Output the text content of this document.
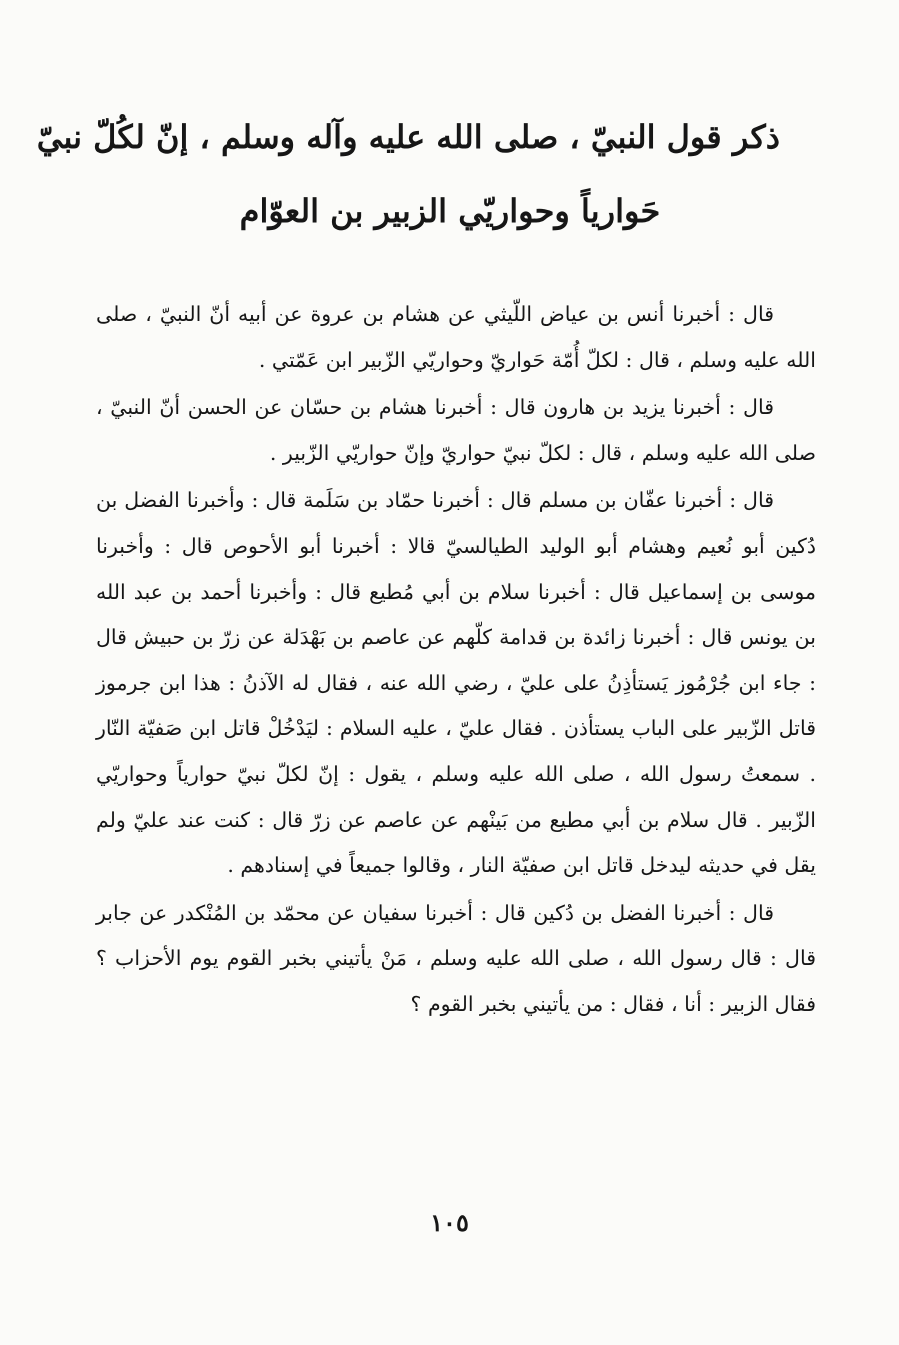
ذكر قول النبيّ ، صلى الله عليه وآله وسلم ، إنّ لكُلّ نبيّ
حَوارياً وحواريّي الزبير بن العوّام

قال : أخبرنا أنس بن عياض اللّيثي عن هشام بن عروة عن أبيه أنّ النبيّ ، صلى الله عليه وسلم ، قال : لكلّ أُمّة حَواريّ وحواريّي الزّبير ابن عَمّتي .

قال : أخبرنا يزيد بن هارون قال : أخبرنا هشام بن حسّان عن الحسن أنّ النبيّ ، صلى الله عليه وسلم ، قال : لكلّ نبيّ حواريّ وإنّ حواريّي الزّبير .

قال : أخبرنا عفّان بن مسلم قال : أخبرنا حمّاد بن سَلَمة قال : وأخبرنا الفضل بن دُكين أبو نُعيم وهشام أبو الوليد الطيالسيّ قالا : أخبرنا أبو الأحوص قال : وأخبرنا موسى بن إسماعيل قال : أخبرنا سلام بن أبي مُطيع قال : وأخبرنا أحمد بن عبد الله بن يونس قال : أخبرنا زائدة بن قدامة كلّهم عن عاصم بن بَهْدَلة عن زرّ بن حبيش قال : جاء ابن جُرْمُوز يَستأذِنُ على عليّ ، رضي الله عنه ، فقال له الآذنُ : هذا ابن جرموز قاتل الزّبير على الباب يستأذن . فقال عليّ ، عليه السلام : ليَدْخُلْ قاتل ابن صَفيّة النّار . سمعتُ رسول الله ، صلى الله عليه وسلم ، يقول : إنّ لكلّ نبيّ حوارياً وحواريّي الزّبير . قال سلام بن أبي مطيع من بَينْهم عن عاصم عن زرّ قال : كنت عند عليّ ولم يقل في حديثه ليدخل قاتل ابن صفيّة النار ، وقالوا جميعاً في إسنادهم .

قال : أخبرنا الفضل بن دُكين قال : أخبرنا سفيان عن محمّد بن المُنْكدر عن جابر قال : قال رسول الله ، صلى الله عليه وسلم ، مَنْ يأتيني بخبر القوم يوم الأحزاب ؟ فقال الزبير : أنا ، فقال : من يأتيني بخبر القوم ؟

١٠٥
